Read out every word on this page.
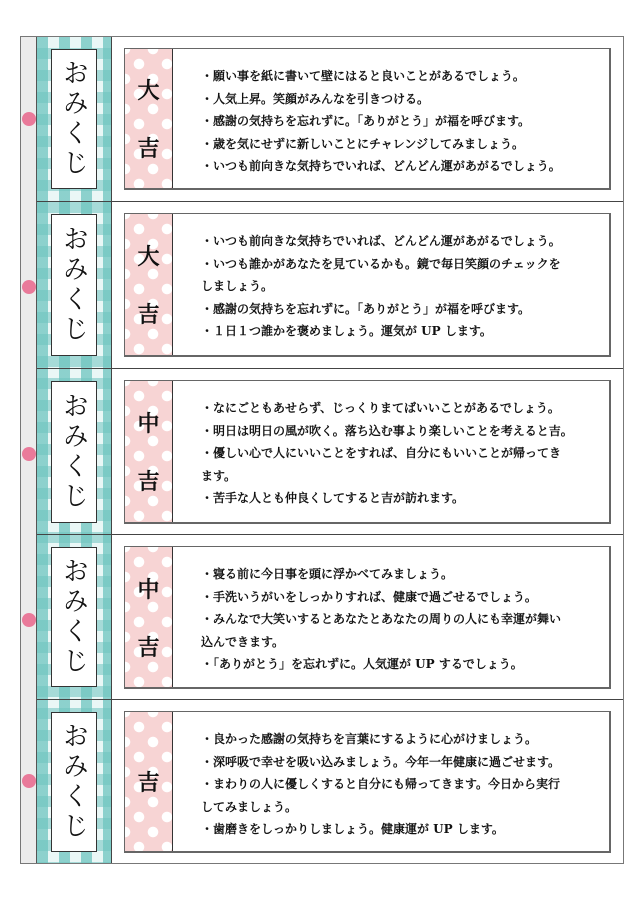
おみくじ 大
吉
・願い事を紙に書いて壁にはると良いことがあるでしょう。
・人気上昇。笑顔がみんなを引きつける。
・感謝の気持ちを忘れずに。「ありがとう」が福を呼びます。
・歳を気にせずに新しいことにチャレンジしてみましょう。
・いつも前向きな気持ちでいれば、どんどん運があがるでしょう。
おみくじ 大
吉
・いつも前向きな気持ちでいれば、どんどん運があがるでしょう。
・いつも誰かがあなたを見ているかも。鏡で毎日笑顔のチェックを
しましょう。
・感謝の気持ちを忘れずに。「ありがとう」が福を呼びます。
・１日１つ誰かを褒めましょう。運気が UP します。
おみくじ 中
吉
・なにごともあせらず、じっくりまてばいいことがあるでしょう。
・明日は明日の風が吹く。落ち込む事より楽しいことを考えると吉。
・優しい心で人にいいことをすれば、自分にもいいことが帰ってき
ます。
・苦手な人とも仲良くしてすると吉が訪れます。
おみくじ 中
吉
・寝る前に今日事を頭に浮かべてみましょう。
・手洗いうがいをしっかりすれば、健康で過ごせるでしょう。
・みんなで大笑いするとあなたとあなたの周りの人にも幸運が舞い
込んできます。
・「ありがとう」を忘れずに。人気運が UP するでしょう。
おみくじ 吉
・良かった感謝の気持ちを言葉にするように心がけましょう。
・深呼吸で幸せを吸い込みましょう。今年一年健康に過ごせます。
・まわりの人に優しくすると自分にも帰ってきます。今日から実行
してみましょう。
・歯磨きをしっかりしましょう。健康運が UP します。
